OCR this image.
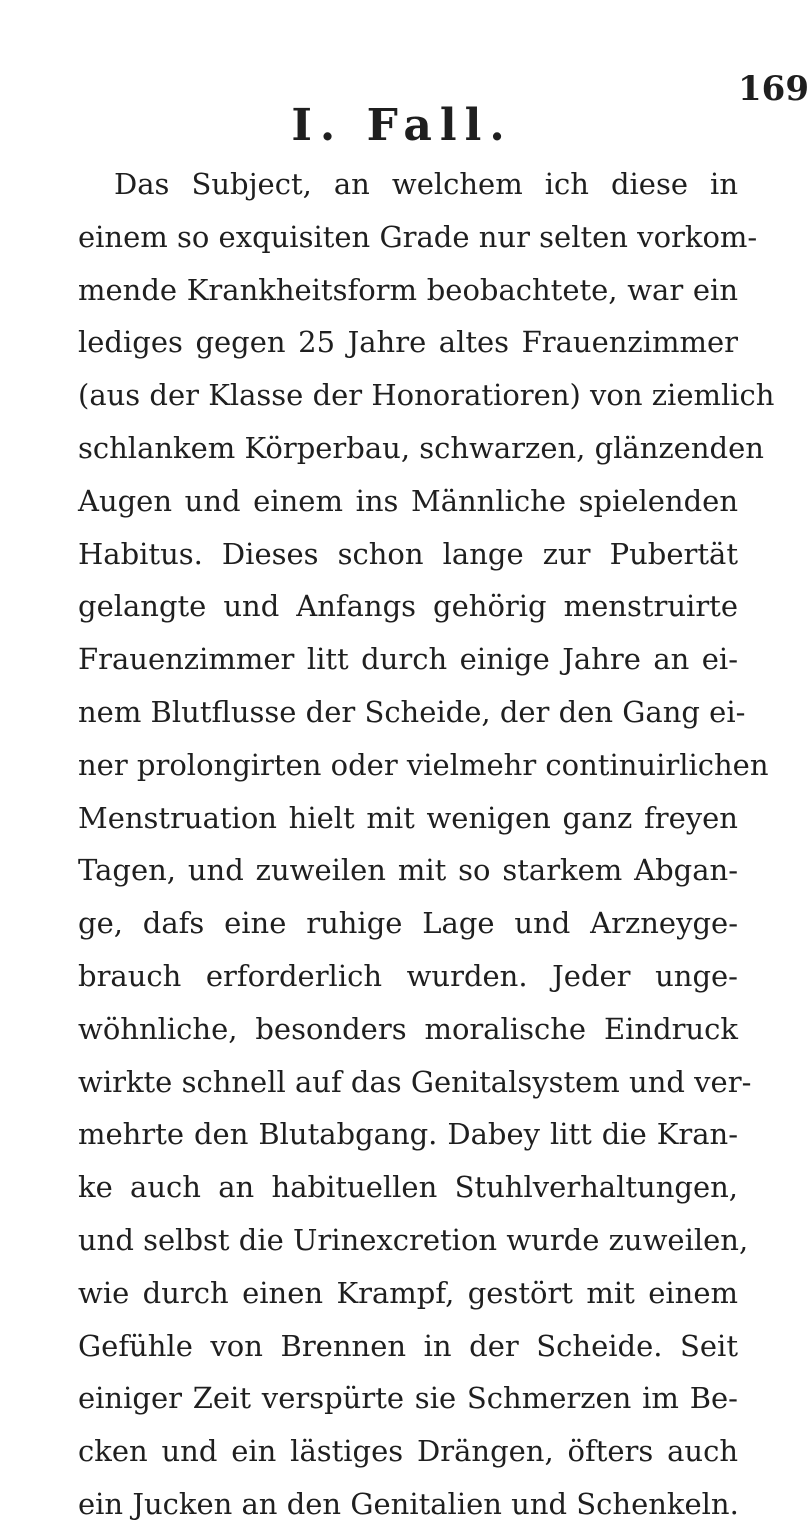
169
I. Fall.
Das Subject, an welchem ich diese in
einem so exquisiten Grade nur selten vorkom-
mende Krankheitsform beobachtete, war ein
lediges gegen 25 Jahre altes Frauenzimmer
(aus der Klasse der Honoratioren) von ziemlich
schlankem Körperbau, schwarzen, glänzenden
Augen und einem ins Männliche spielenden
Habitus. Dieses schon lange zur Pubertät
gelangte und Anfangs gehörig menstruirte
Frauenzimmer litt durch einige Jahre an ei-
nem Blutflusse der Scheide, der den Gang ei-
ner prolongirten oder vielmehr continuirlichen
Menstruation hielt mit wenigen ganz freyen
Tagen, und zuweilen mit so starkem Abgan-
ge, dafs eine ruhige Lage und Arzneyge-
brauch erforderlich wurden. Jeder unge-
wöhnliche, besonders moralische Eindruck
wirkte schnell auf das Genitalsystem und ver-
mehrte den Blutabgang. Dabey litt die Kran-
ke auch an habituellen Stuhlverhaltungen,
und selbst die Urinexcretion wurde zuweilen,
wie durch einen Krampf, gestört mit einem
Gefühle von Brennen in der Scheide. Seit
einiger Zeit verspürte sie Schmerzen im Be-
cken und ein lästiges Drängen, öfters auch
ein Jucken an den Genitalien und Schenkeln.
